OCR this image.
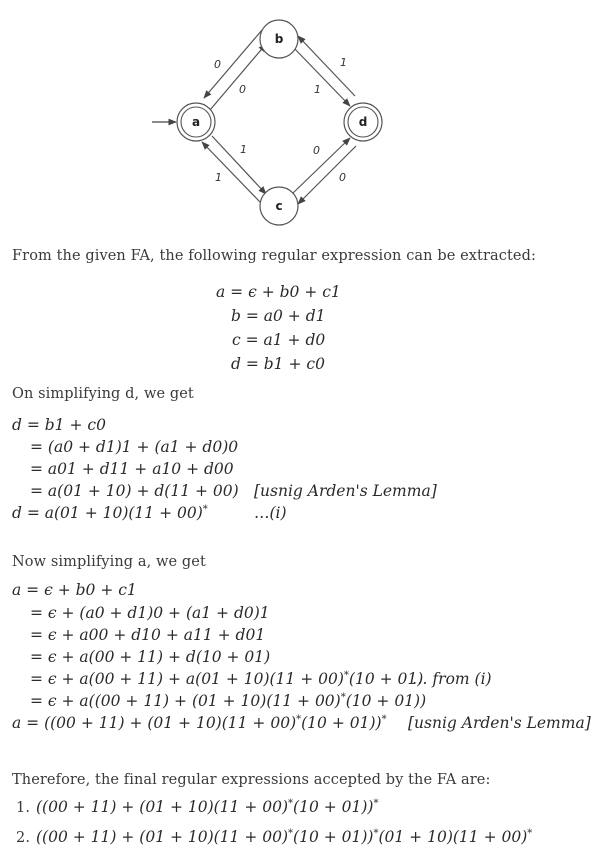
0
0
1
1
1
1
0
0
a
b
c
d
From the given FA, the following regular expression can be extracted:
a = ϵ + b0 + c1
b = a0 + d1
c = a1 + d0
d = b1 + c0
On simplifying d, we get
d = b1 + c0
= (a0 + d1)1 + (a1 + d0)0
= a01 + d11 + a10 + d00
= a(01 + 10) + d(11 + 00) [usnig Arden's Lemma]
d = a(01 + 10)(11 + 00)*	…(i)
Now simplifying a, we get
a = ϵ + b0 + c1
= ϵ + (a0 + d1)0 + (a1 + d0)1
= ϵ + a00 + d10 + a11 + d01
= ϵ + a(00 + 11) + d(10 + 01)
= ϵ + a(00 + 11) + a(01 + 10)(11 + 00)*(10 + 01)
… from (i)
= ϵ + a((00 + 11) + (01 + 10)(11 + 00)*(10 + 01))
a = ((00 + 11) + (01 + 10)(11 + 00)*(10 + 01))* [usnig Arden's Lemma]
Therefore, the final regular expressions accepted by the FA are:
1. ((00 + 11) + (01 + 10)(11 + 00)*(10 + 01))*
2. ((00 + 11) + (01 + 10)(11 + 00)*(10 + 01))*(01 + 10)(11 + 00)*
